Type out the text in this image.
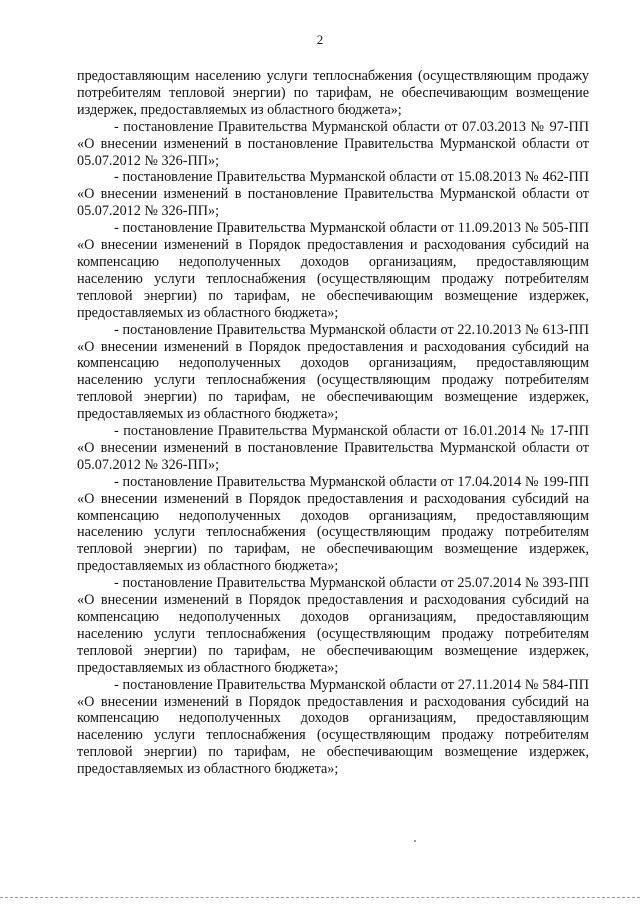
2

предоставляющим населению услуги теплоснабжения (осуществляющим продажу потребителям тепловой энергии) по тарифам, не обеспечивающим возмещение издержек, предоставляемых из областного бюджета»;

- постановление Правительства Мурманской области от 07.03.2013 № 97-ПП «О внесении изменений в постановление Правительства Мурманской области от 05.07.2012 № 326-ПП»;

- постановление Правительства Мурманской области от 15.08.2013 № 462-ПП «О внесении изменений в постановление Правительства Мурманской области от 05.07.2012 № 326-ПП»;

- постановление Правительства Мурманской области от 11.09.2013 № 505-ПП «О внесении изменений в Порядок предоставления и расходования субсидий на компенсацию недополученных доходов организациям, предоставляющим населению услуги теплоснабжения (осуществляющим продажу потребителям тепловой энергии) по тарифам, не обеспечивающим возмещение издержек, предоставляемых из областного бюджета»;

- постановление Правительства Мурманской области от 22.10.2013 № 613-ПП «О внесении изменений в Порядок предоставления и расходования субсидий на компенсацию недополученных доходов организациям, предоставляющим населению услуги теплоснабжения (осуществляющим продажу потребителям тепловой энергии) по тарифам, не обеспечивающим возмещение издержек, предоставляемых из областного бюджета»;

- постановление Правительства Мурманской области от 16.01.2014 № 17-ПП «О внесении изменений в постановление Правительства Мурманской области от 05.07.2012 № 326-ПП»;

- постановление Правительства Мурманской области от 17.04.2014 № 199-ПП «О внесении изменений в Порядок предоставления и расходования субсидий на компенсацию недополученных доходов организациям, предоставляющим населению услуги теплоснабжения (осуществляющим продажу потребителям тепловой энергии) по тарифам, не обеспечивающим возмещение издержек, предоставляемых из областного бюджета»;

- постановление Правительства Мурманской области от 25.07.2014 № 393-ПП «О внесении изменений в Порядок предоставления и расходования субсидий на компенсацию недополученных доходов организациям, предоставляющим населению услуги теплоснабжения (осуществляющим продажу потребителям тепловой энергии) по тарифам, не обеспечивающим возмещение издержек, предоставляемых из областного бюджета»;

- постановление Правительства Мурманской области от 27.11.2014 № 584-ПП «О внесении изменений в Порядок предоставления и расходования субсидий на компенсацию недополученных доходов организациям, предоставляющим населению услуги теплоснабжения (осуществляющим продажу потребителям тепловой энергии) по тарифам, не обеспечивающим возмещение издержек, предоставляемых из областного бюджета»;
